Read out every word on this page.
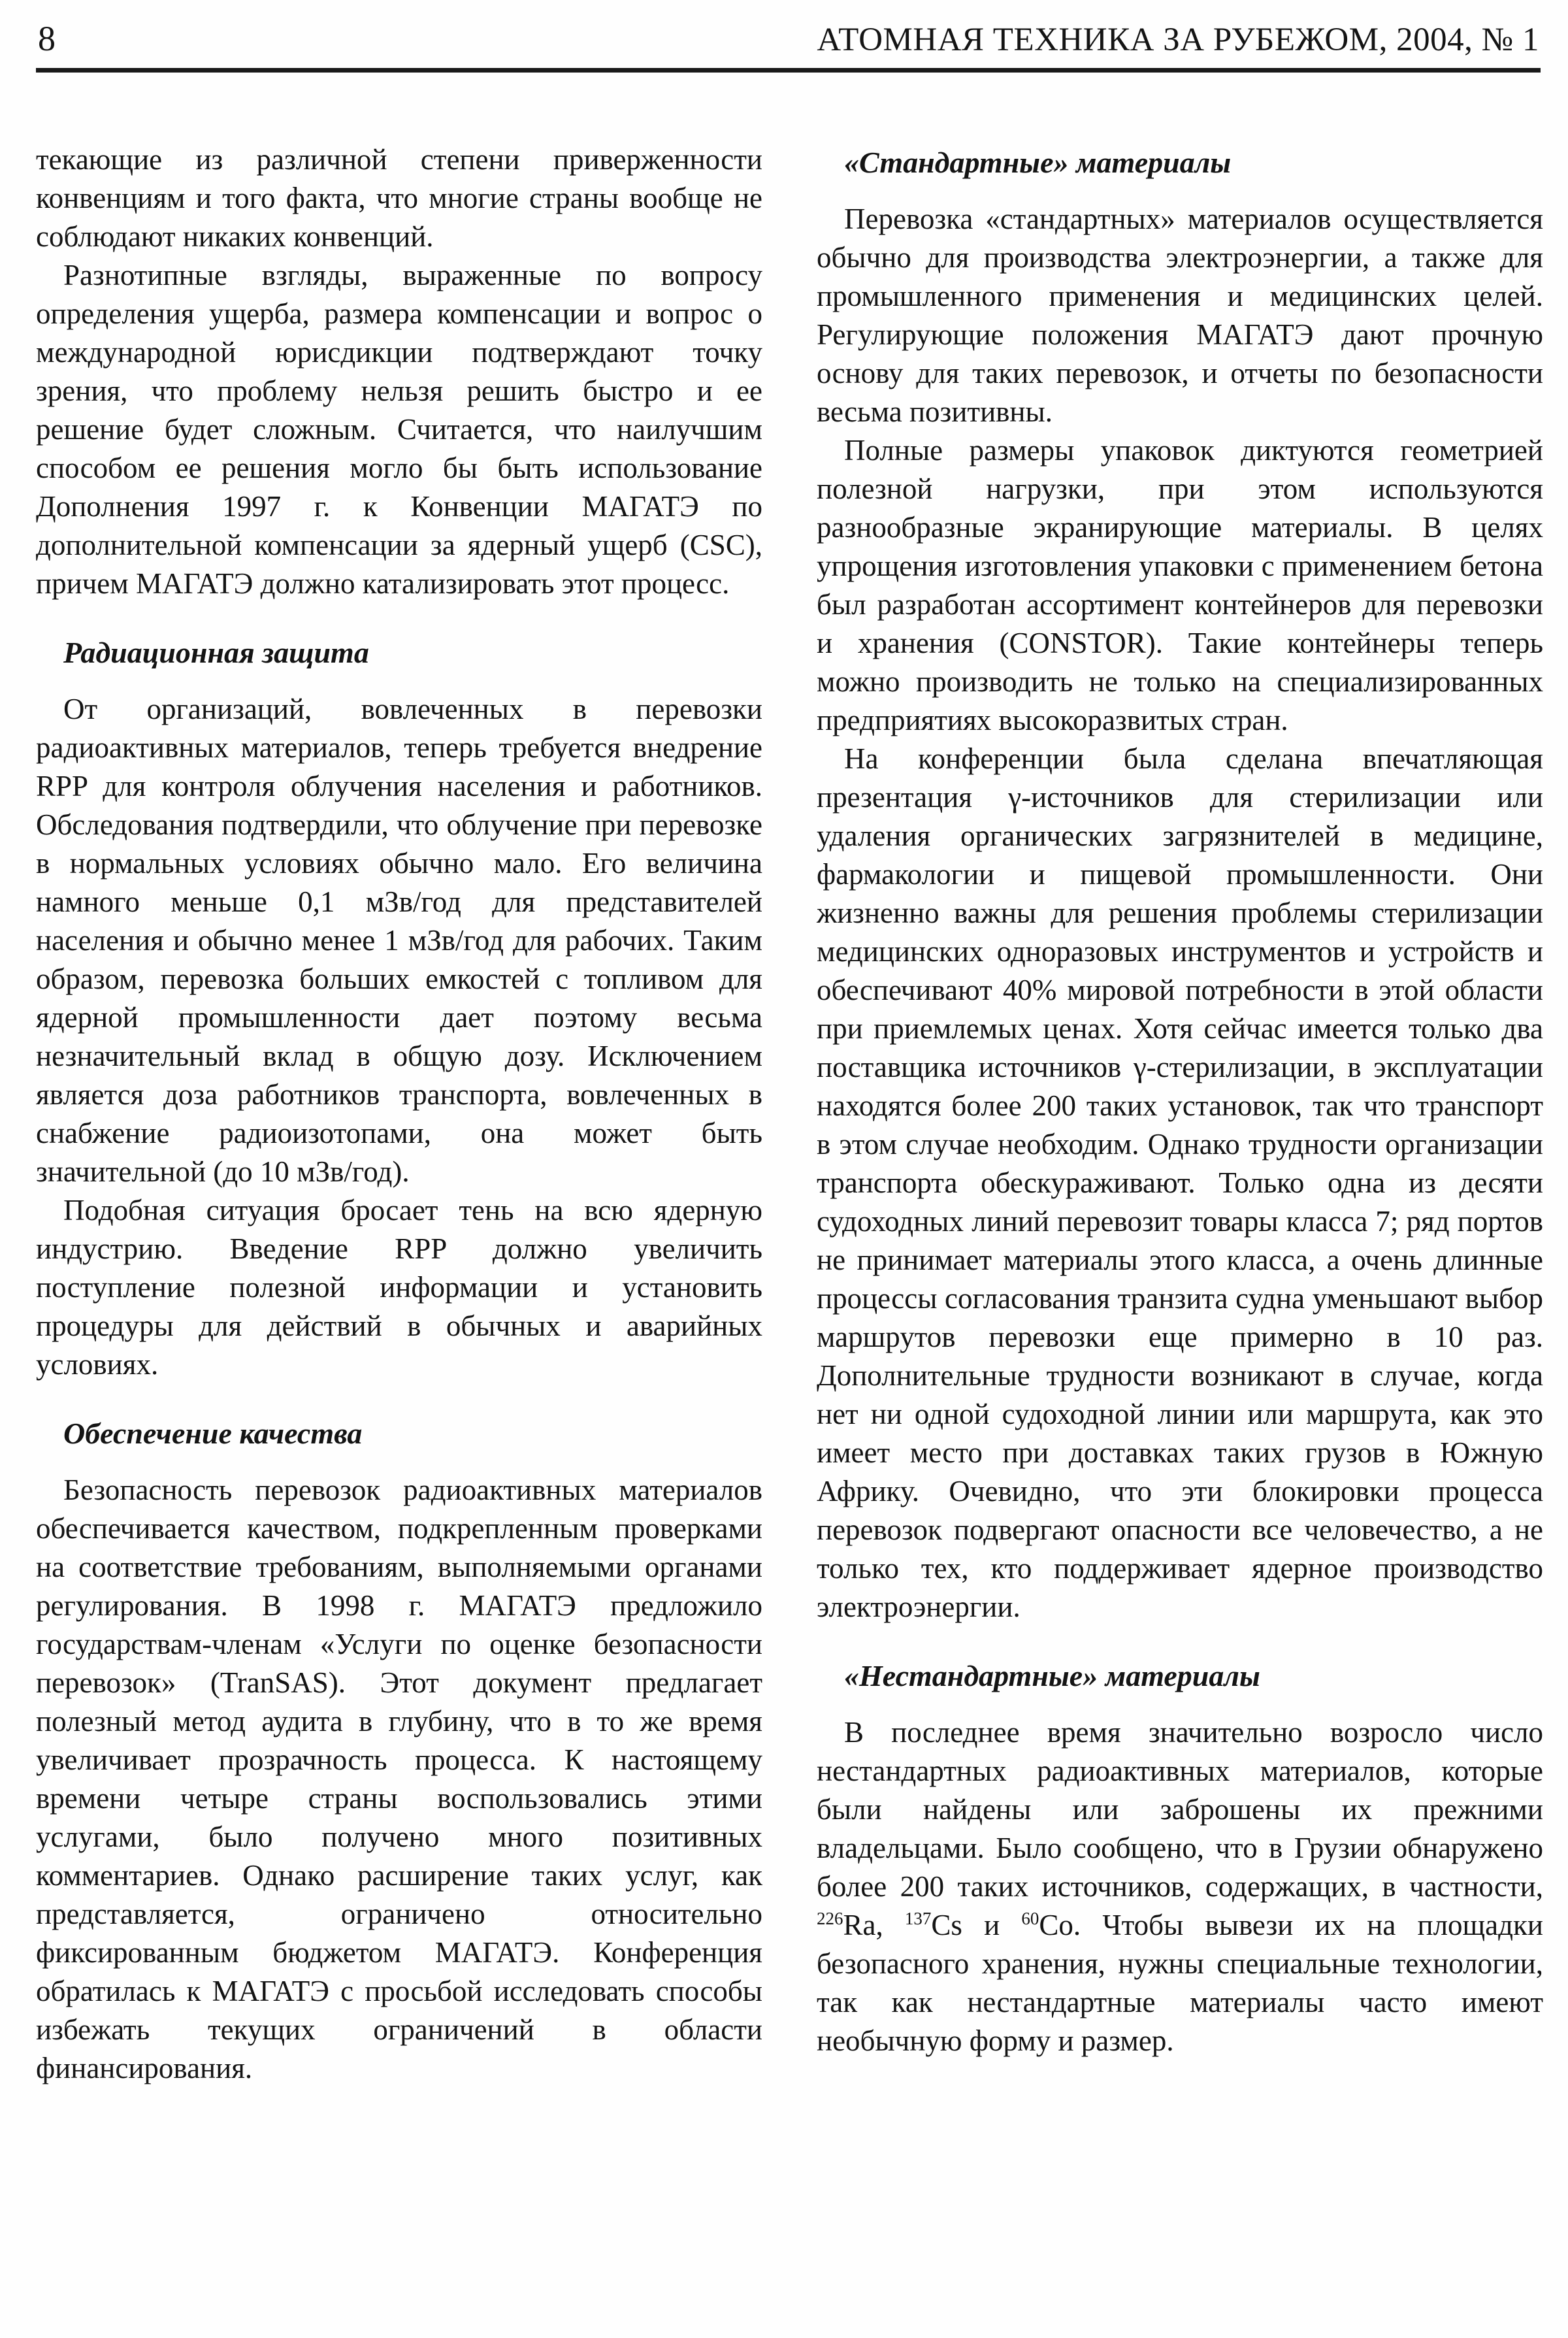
8	АТОМНАЯ ТЕХНИКА ЗА РУБЕЖОМ, 2004, № 1

текающие из различной степени приверженности конвенциям и того факта, что многие страны вообще не соблюдают никаких конвенций.

Разнотипные взгляды, выраженные по вопросу определения ущерба, размера компенсации и вопрос о международной юрисдикции подтверждают точку зрения, что проблему нельзя решить быстро и ее решение будет сложным. Считается, что наилучшим способом ее решения могло бы быть использование Дополнения 1997 г. к Конвенции МАГАТЭ по дополнительной компенсации за ядерный ущерб (CSC), причем МАГАТЭ должно катализировать этот процесс.

Радиационная защита

От организаций, вовлеченных в перевозки радиоактивных материалов, теперь требуется внедрение RPP для контроля облучения населения и работников. Обследования подтвердили, что облучение при перевозке в нормальных условиях обычно мало. Его величина намного меньше 0,1 мЗв/год для представителей населения и обычно менее 1 мЗв/год для рабочих. Таким образом, перевозка больших емкостей с топливом для ядерной промышленности дает поэтому весьма незначительный вклад в общую дозу. Исключением является доза работников транспорта, вовлеченных в снабжение радиоизотопами, она может быть значительной (до 10 мЗв/год).

Подобная ситуация бросает тень на всю ядерную индустрию. Введение RPP должно увеличить поступление полезной информации и установить процедуры для действий в обычных и аварийных условиях.

Обеспечение качества

Безопасность перевозок радиоактивных материалов обеспечивается качеством, подкрепленным проверками на соответствие требованиям, выполняемыми органами регулирования. В 1998 г. МАГАТЭ предложило государствам-членам «Услуги по оценке безопасности перевозок» (TranSAS). Этот документ предлагает полезный метод аудита в глубину, что в то же время увеличивает прозрачность процесса. К настоящему времени четыре страны воспользовались этими услугами, было получено много позитивных комментариев. Однако расширение таких услуг, как представляется, ограничено относительно фиксированным бюджетом МАГАТЭ. Конференция обратилась к МАГАТЭ с просьбой исследовать способы избежать текущих ограничений в области финансирования.

«Стандартные» материалы

Перевозка «стандартных» материалов осуществляется обычно для производства электроэнергии, а также для промышленного применения и медицинских целей. Регулирующие положения МАГАТЭ дают прочную основу для таких перевозок, и отчеты по безопасности весьма позитивны.

Полные размеры упаковок диктуются геометрией полезной нагрузки, при этом используются разнообразные экранирующие материалы. В целях упрощения изготовления упаковки с применением бетона был разработан ассортимент контейнеров для перевозки и хранения (CONSTOR). Такие контейнеры теперь можно производить не только на специализированных предприятиях высокоразвитых стран.

На конференции была сделана впечатляющая презентация γ-источников для стерилизации или удаления органических загрязнителей в медицине, фармакологии и пищевой промышленности. Они жизненно важны для решения проблемы стерилизации медицинских одноразовых инструментов и устройств и обеспечивают 40% мировой потребности в этой области при приемлемых ценах. Хотя сейчас имеется только два поставщика источников γ-стерилизации, в эксплуатации находятся более 200 таких установок, так что транспорт в этом случае необходим. Однако трудности организации транспорта обескураживают. Только одна из десяти судоходных линий перевозит товары класса 7; ряд портов не принимает материалы этого класса, а очень длинные процессы согласования транзита судна уменьшают выбор маршрутов перевозки еще примерно в 10 раз. Дополнительные трудности возникают в случае, когда нет ни одной судоходной линии или маршрута, как это имеет место при доставках таких грузов в Южную Африку. Очевидно, что эти блокировки процесса перевозок подвергают опасности все человечество, а не только тех, кто поддерживает ядерное производство электроэнергии.

«Нестандартные» материалы

В последнее время значительно возросло число нестандартных радиоактивных материалов, которые были найдены или заброшены их прежними владельцами. Было сообщено, что в Грузии обнаружено более 200 таких источников, содержащих, в частности, $^{226}$Ra, $^{137}$Cs и $^{60}$Co. Чтобы вывези их на площадки безопасного хранения, нужны специальные технологии, так как нестандартные материалы часто имеют необычную форму и размер.
